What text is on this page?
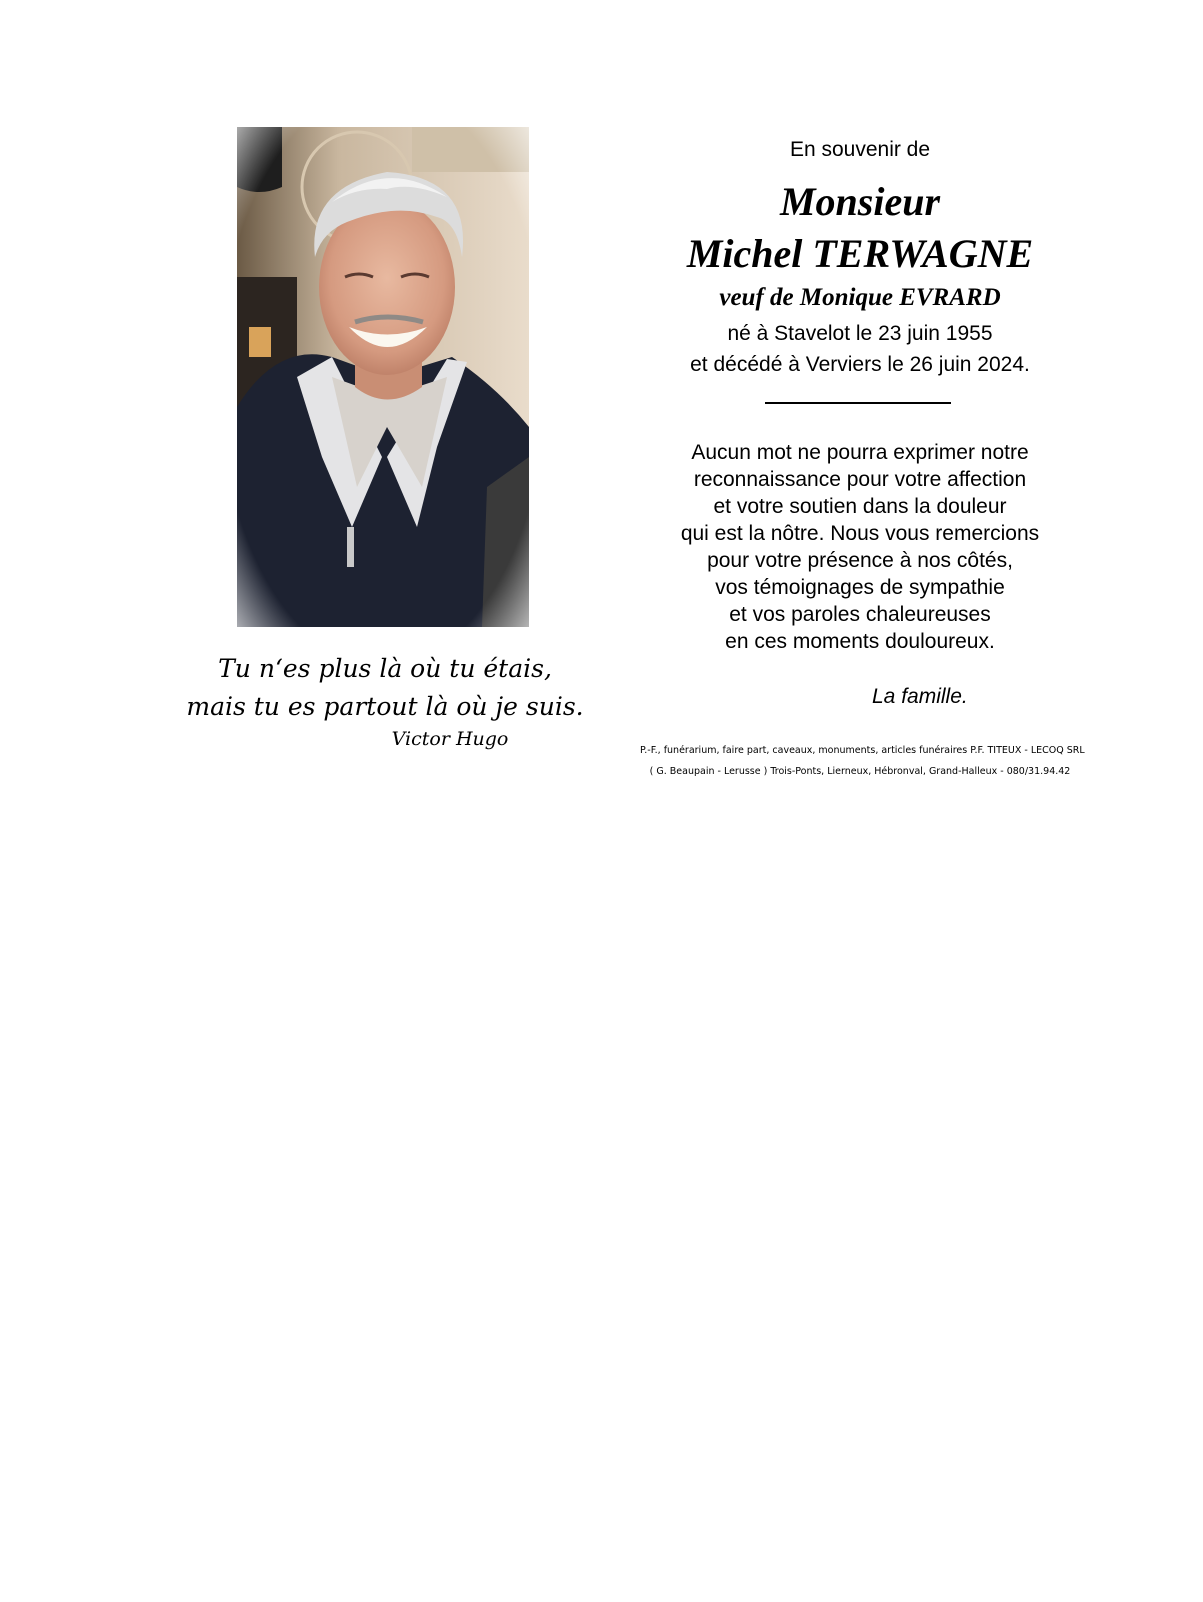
Tu n‘es plus là où tu étais,
mais tu es partout là où je suis.
Victor Hugo
En souvenir de
Monsieur
Michel TERWAGNE
veuf de Monique EVRARD
né à Stavelot le 23 juin 1955
et décédé à Verviers le 26 juin 2024.
Aucun mot ne pourra exprimer notre
reconnaissance pour votre affection
et votre soutien dans la douleur
qui est la nôtre. Nous vous remercions
pour votre présence à nos côtés,
vos témoignages de sympathie
et vos paroles chaleureuses
en ces moments douloureux.
La famille.
P.-F., funérarium, faire part, caveaux, monuments, articles funéraires P.F. TITEUX - LECOQ SRL
( G. Beaupain - Lerusse ) Trois-Ponts, Lierneux, Hébronval, Grand-Halleux - 080/31.94.42
